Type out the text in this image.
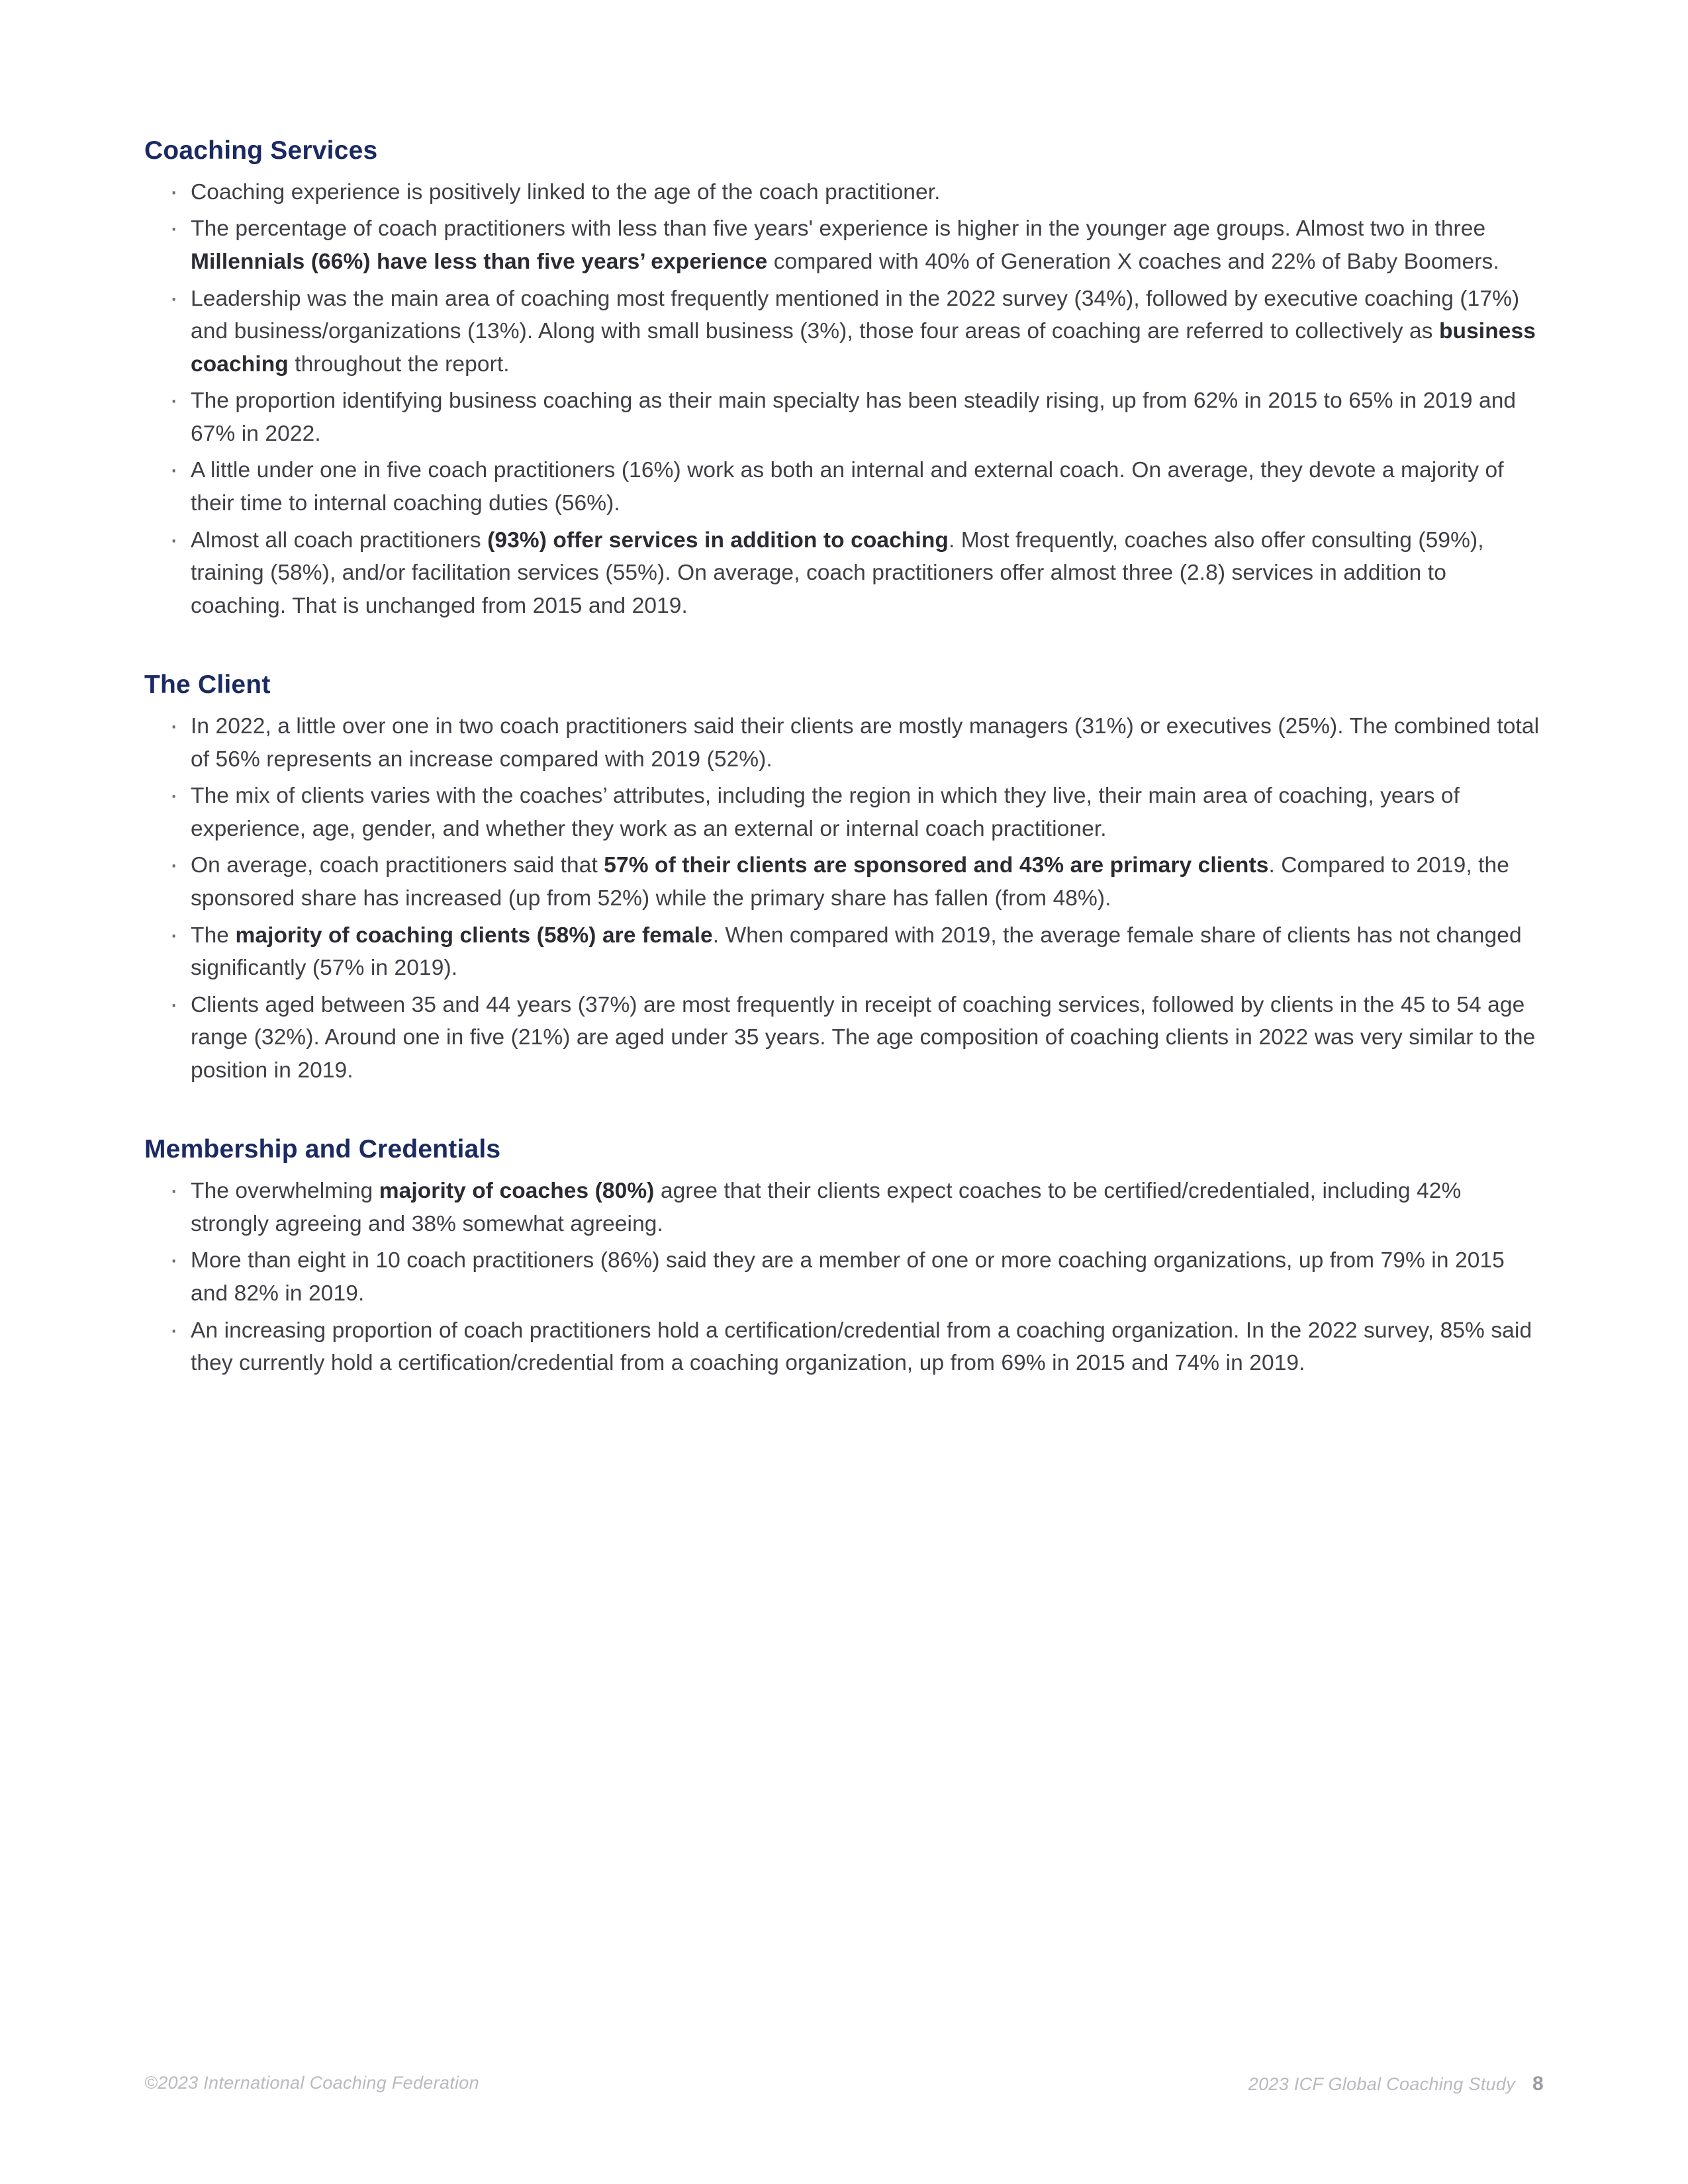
Coaching Services
· Coaching experience is positively linked to the age of the coach practitioner.
· The percentage of coach practitioners with less than five years' experience is higher in the younger age groups. Almost two in three Millennials (66%) have less than five years’ experience compared with 40% of Generation X coaches and 22% of Baby Boomers.
· Leadership was the main area of coaching most frequently mentioned in the 2022 survey (34%), followed by executive coaching (17%) and business/organizations (13%). Along with small business (3%), those four areas of coaching are referred to collectively as business coaching throughout the report.
· The proportion identifying business coaching as their main specialty has been steadily rising, up from 62% in 2015 to 65% in 2019 and 67% in 2022.
· A little under one in five coach practitioners (16%) work as both an internal and external coach. On average, they devote a majority of their time to internal coaching duties (56%).
· Almost all coach practitioners (93%) offer services in addition to coaching. Most frequently, coaches also offer consulting (59%), training (58%), and/or facilitation services (55%). On average, coach practitioners offer almost three (2.8) services in addition to coaching. That is unchanged from 2015 and 2019.
The Client
· In 2022, a little over one in two coach practitioners said their clients are mostly managers (31%) or executives (25%). The combined total of 56% represents an increase compared with 2019 (52%).
· The mix of clients varies with the coaches’ attributes, including the region in which they live, their main area of coaching, years of experience, age, gender, and whether they work as an external or internal coach practitioner.
· On average, coach practitioners said that 57% of their clients are sponsored and 43% are primary clients. Compared to 2019, the sponsored share has increased (up from 52%) while the primary share has fallen (from 48%).
· The majority of coaching clients (58%) are female. When compared with 2019, the average female share of clients has not changed significantly (57% in 2019).
· Clients aged between 35 and 44 years (37%) are most frequently in receipt of coaching services, followed by clients in the 45 to 54 age range (32%). Around one in five (21%) are aged under 35 years. The age composition of coaching clients in 2022 was very similar to the position in 2019.
Membership and Credentials
· The overwhelming majority of coaches (80%) agree that their clients expect coaches to be certified/credentialed, including 42% strongly agreeing and 38% somewhat agreeing.
· More than eight in 10 coach practitioners (86%) said they are a member of one or more coaching organizations, up from 79% in 2015 and 82% in 2019.
· An increasing proportion of coach practitioners hold a certification/credential from a coaching organization. In the 2022 survey, 85% said they currently hold a certification/credential from a coaching organization, up from 69% in 2015 and 74% in 2019.
©2023 International Coaching Federation	2023 ICF Global Coaching Study 8
